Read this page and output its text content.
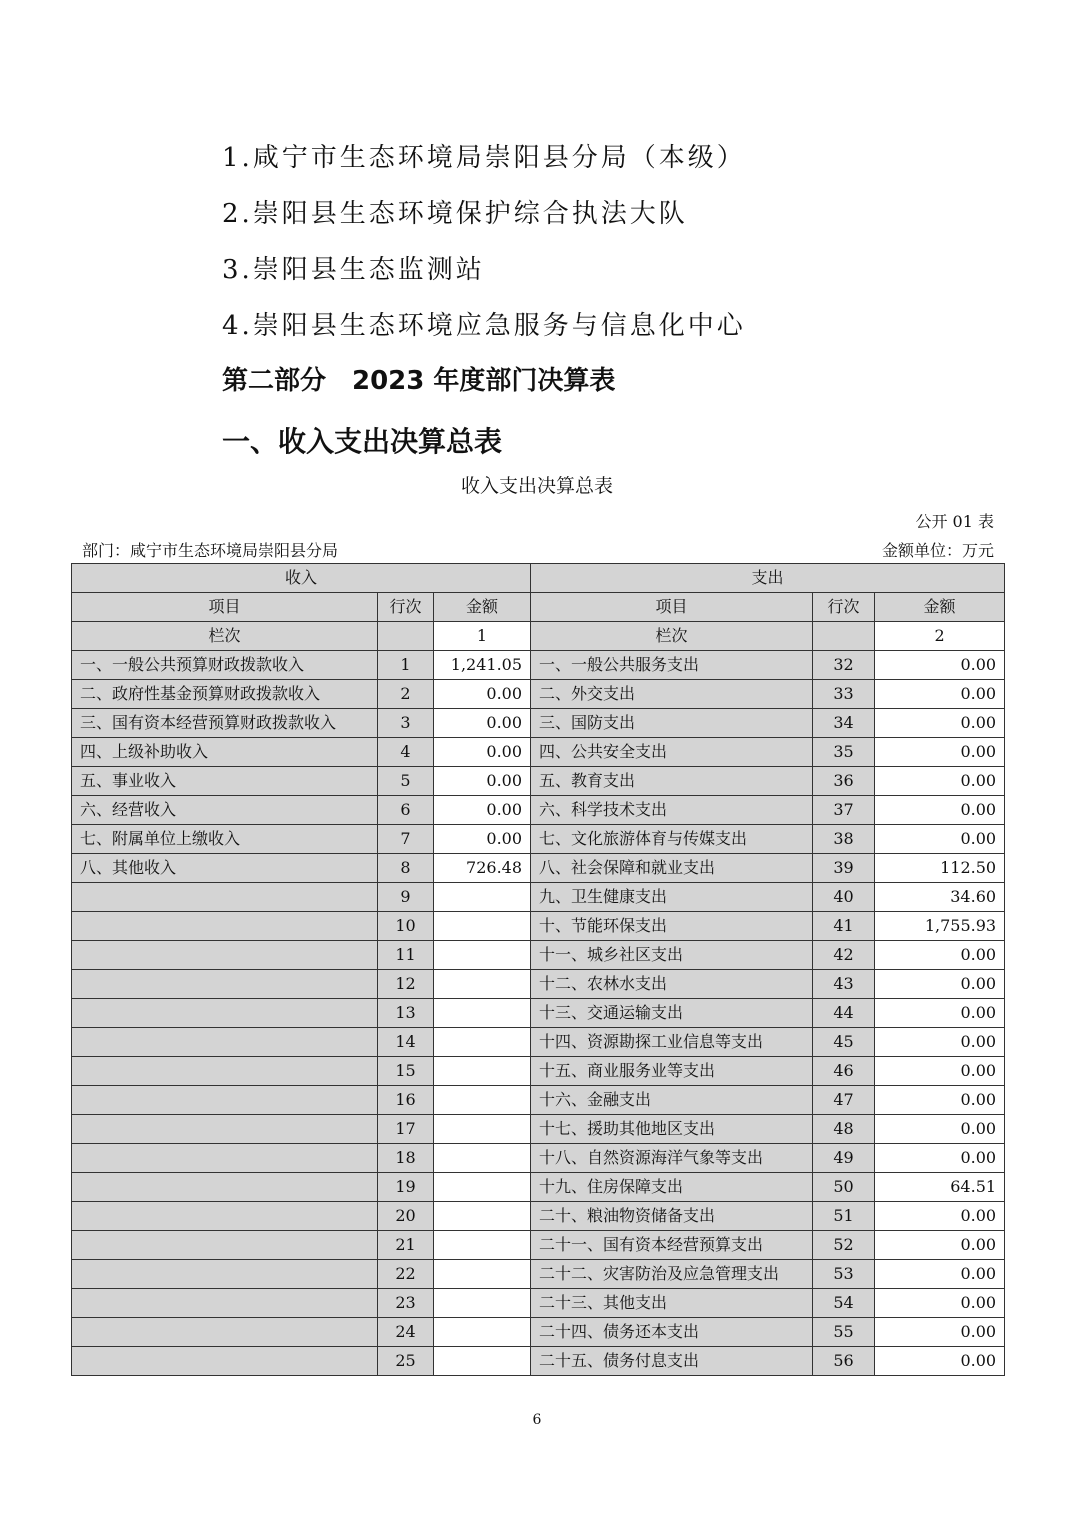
1.咸宁市生态环境局崇阳县分局（本级）
2.崇阳县生态环境保护综合执法大队
3.崇阳县生态监测站
4.崇阳县生态环境应急服务与信息化中心
第二部分　2023 年度部门决算表
一、收入支出决算总表
收入支出决算总表
公开 01 表
部门：咸宁市生态环境局崇阳县分局	金额单位：万元
收入			支出		
项目	行次	金额	项目	行次	金额
栏次		1	栏次		2
一、一般公共预算财政拨款收入	1	1,241.05	一、一般公共服务支出	32	0.00
二、政府性基金预算财政拨款收入	2	0.00	二、外交支出	33	0.00
三、国有资本经营预算财政拨款收入	3	0.00	三、国防支出	34	0.00
四、上级补助收入	4	0.00	四、公共安全支出	35	0.00
五、事业收入	5	0.00	五、教育支出	36	0.00
六、经营收入	6	0.00	六、科学技术支出	37	0.00
七、附属单位上缴收入	7	0.00	七、文化旅游体育与传媒支出	38	0.00
八、其他收入	8	726.48	八、社会保障和就业支出	39	112.50
	9		九、卫生健康支出	40	34.60
	10		十、节能环保支出	41	1,755.93
	11		十一、城乡社区支出	42	0.00
	12		十二、农林水支出	43	0.00
	13		十三、交通运输支出	44	0.00
	14		十四、资源勘探工业信息等支出	45	0.00
	15		十五、商业服务业等支出	46	0.00
	16		十六、金融支出	47	0.00
	17		十七、援助其他地区支出	48	0.00
	18		十八、自然资源海洋气象等支出	49	0.00
	19		十九、住房保障支出	50	64.51
	20		二十、粮油物资储备支出	51	0.00
	21		二十一、国有资本经营预算支出	52	0.00
	22		二十二、灾害防治及应急管理支出	53	0.00
	23		二十三、其他支出	54	0.00
	24		二十四、债务还本支出	55	0.00
	25		二十五、债务付息支出	56	0.00
6
